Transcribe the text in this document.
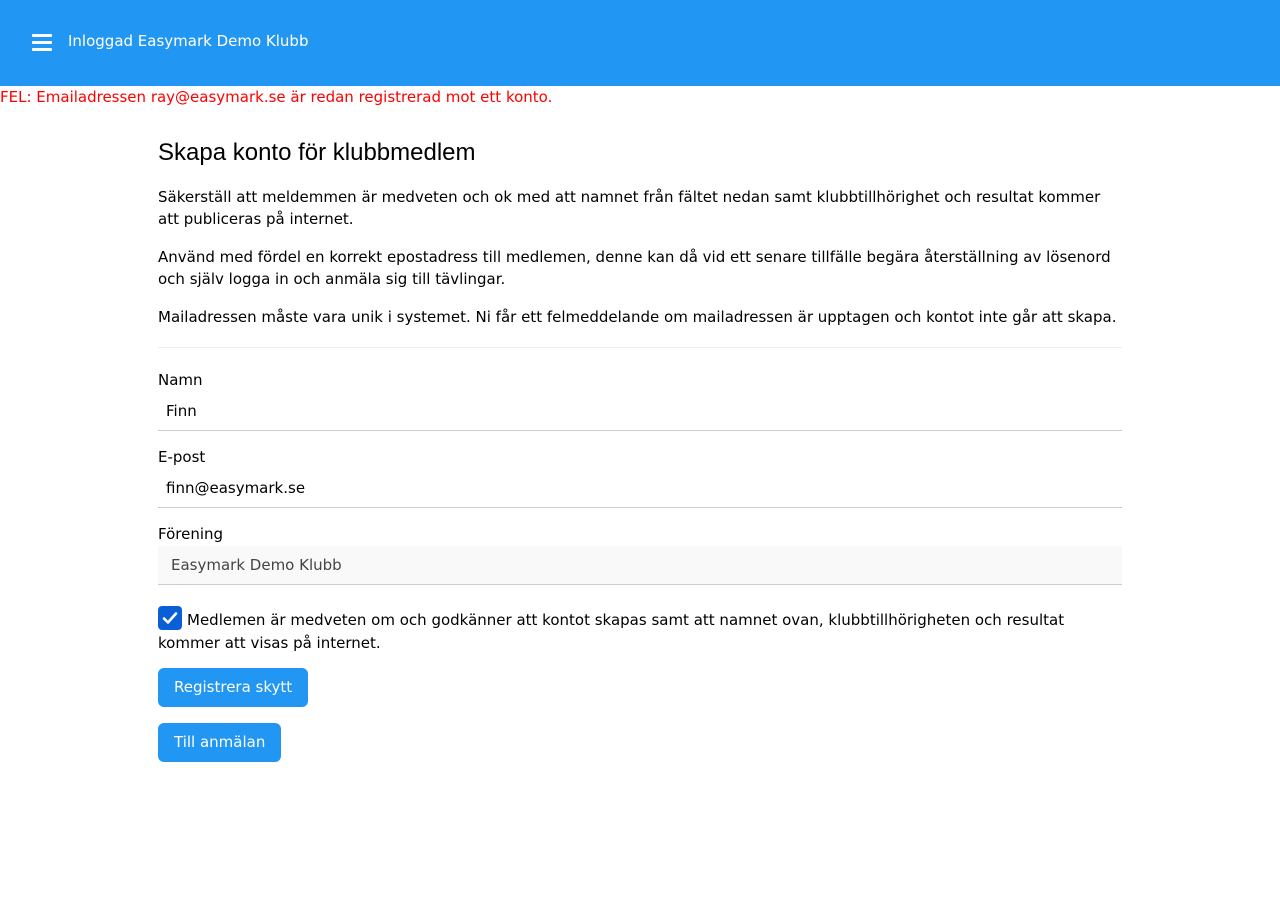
Inloggad Easymark Demo Klubb
FEL: Emailadressen ray@easymark.se är redan registrerad mot ett konto.
Skapa konto för klubbmedlem

Säkerställ att meldemmen är medveten och ok med att namnet från fältet nedan samt klubbtillhörighet och resultat kommer att publiceras på internet.

Använd med fördel en korrekt epostadress till medlemen, denne kan då vid ett senare tillfälle begära återställning av lösenord och själv logga in och anmäla sig till tävlingar.

Mailadressen måste vara unik i systemet. Ni får ett felmeddelande om mailadressen är upptagen och kontot inte går att skapa.

Namn
Finn
E-post
finn@easymark.se
Förening
Easymark Demo Klubb
Medlemen är medveten om och godkänner att kontot skapas samt att namnet ovan, klubbtillhörigheten och resultat kommer att visas på internet.
Registrera skytt
Till anmälan
